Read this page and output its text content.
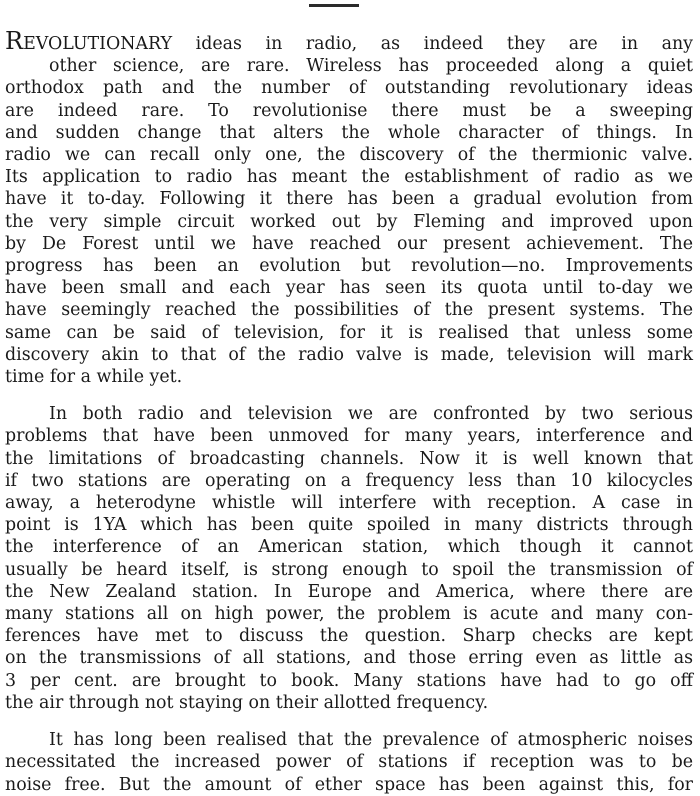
REVOLUTIONARY ideas in radio, as indeed they are in any
other science, are rare. Wireless has proceeded along a quiet
orthodox path and the number of outstanding revolutionary ideas
are indeed rare. To revolutionise there must be a sweeping
and sudden change that alters the whole character of things. In
radio we can recall only one, the discovery of the thermionic valve.
Its application to radio has meant the establishment of radio as we
have it to-day. Following it there has been a gradual evolution from
the very simple circuit worked out by Fleming and improved upon
by De Forest until we have reached our present achievement. The
progress has been an evolution but revolution—no. Improvements
have been small and each year has seen its quota until to-day we
have seemingly reached the possibilities of the present systems. The
same can be said of television, for it is realised that unless some
discovery akin to that of the radio valve is made, television will mark
time for a while yet.

In both radio and television we are confronted by two serious
problems that have been unmoved for many years, interference and
the limitations of broadcasting channels. Now it is well known that
if two stations are operating on a frequency less than 10 kilocycles
away, a heterodyne whistle will interfere with reception. A case in
point is 1YA which has been quite spoiled in many districts through
the interference of an American station, which though it cannot
usually be heard itself, is strong enough to spoil the transmission of
the New Zealand station. In Europe and America, where there are
many stations all on high power, the problem is acute and many con-
ferences have met to discuss the question. Sharp checks are kept
on the transmissions of all stations, and those erring even as little as
3 per cent. are brought to book. Many stations have had to go off
the air through not staying on their allotted frequency.

It has long been realised that the prevalence of atmospheric noises
necessitated the increased power of stations if reception was to be
noise free. But the amount of ether space has been against this, for
